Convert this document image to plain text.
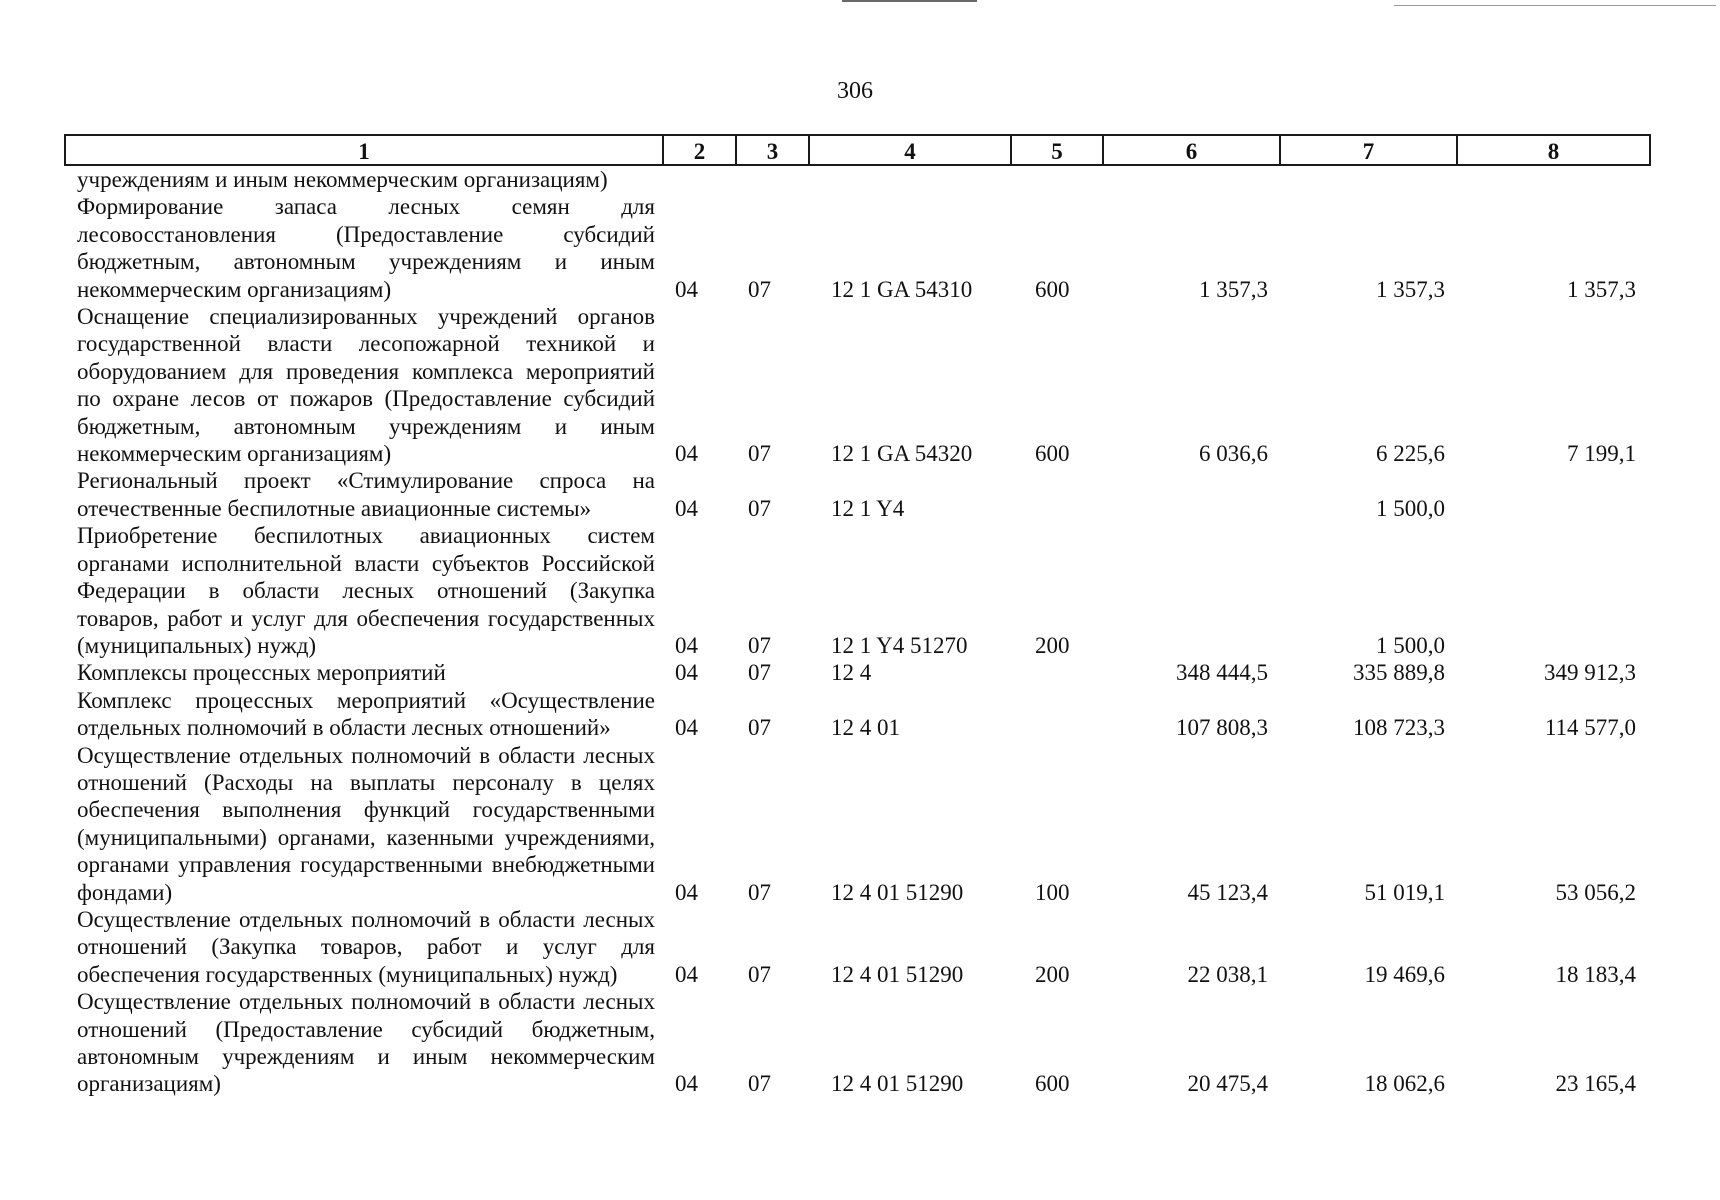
306
1	2	3	4	5	6	7	8
учреждениям и иным некоммерческим организациям)							
Формирование запаса лесных семян для лесовосстановления (Предоставление субсидий бюджетным, автономным учреждениям и иным некоммерческим организациям)	04	07	12 1 GA 54310	600	1 357,3	1 357,3	1 357,3
Оснащение специализированных учреждений органов государственной власти лесопожарной техникой и оборудованием для проведения комплекса мероприятий по охране лесов от пожаров (Предоставление субсидий бюджетным, автономным учреждениям и иным некоммерческим организациям)	04	07	12 1 GA 54320	600	6 036,6	6 225,6	7 199,1
Региональный проект «Стимулирование спроса на отечественные беспилотные авиационные системы»	04	07	12 1 Y4			1 500,0	
Приобретение беспилотных авиационных систем органами исполнительной власти субъектов Российской Федерации в области лесных отношений (Закупка товаров, работ и услуг для обеспечения государственных (муниципальных) нужд)	04	07	12 1 Y4 51270	200		1 500,0	
Комплексы процессных мероприятий	04	07	12 4		348 444,5	335 889,8	349 912,3
Комплекс процессных мероприятий «Осуществление отдельных полномочий в области лесных отношений»	04	07	12 4 01		107 808,3	108 723,3	114 577,0
Осуществление отдельных полномочий в области лесных отношений (Расходы на выплаты персоналу в целях обеспечения выполнения функций государственными (муниципальными) органами, казенными учреждениями, органами управления государственными внебюджетными фондами)	04	07	12 4 01 51290	100	45 123,4	51 019,1	53 056,2
Осуществление отдельных полномочий в области лесных отношений (Закупка товаров, работ и услуг для обеспечения государственных (муниципальных) нужд)	04	07	12 4 01 51290	200	22 038,1	19 469,6	18 183,4
Осуществление отдельных полномочий в области лесных отношений (Предоставление субсидий бюджетным, автономным учреждениям и иным некоммерческим организациям)	04	07	12 4 01 51290	600	20 475,4	18 062,6	23 165,4
